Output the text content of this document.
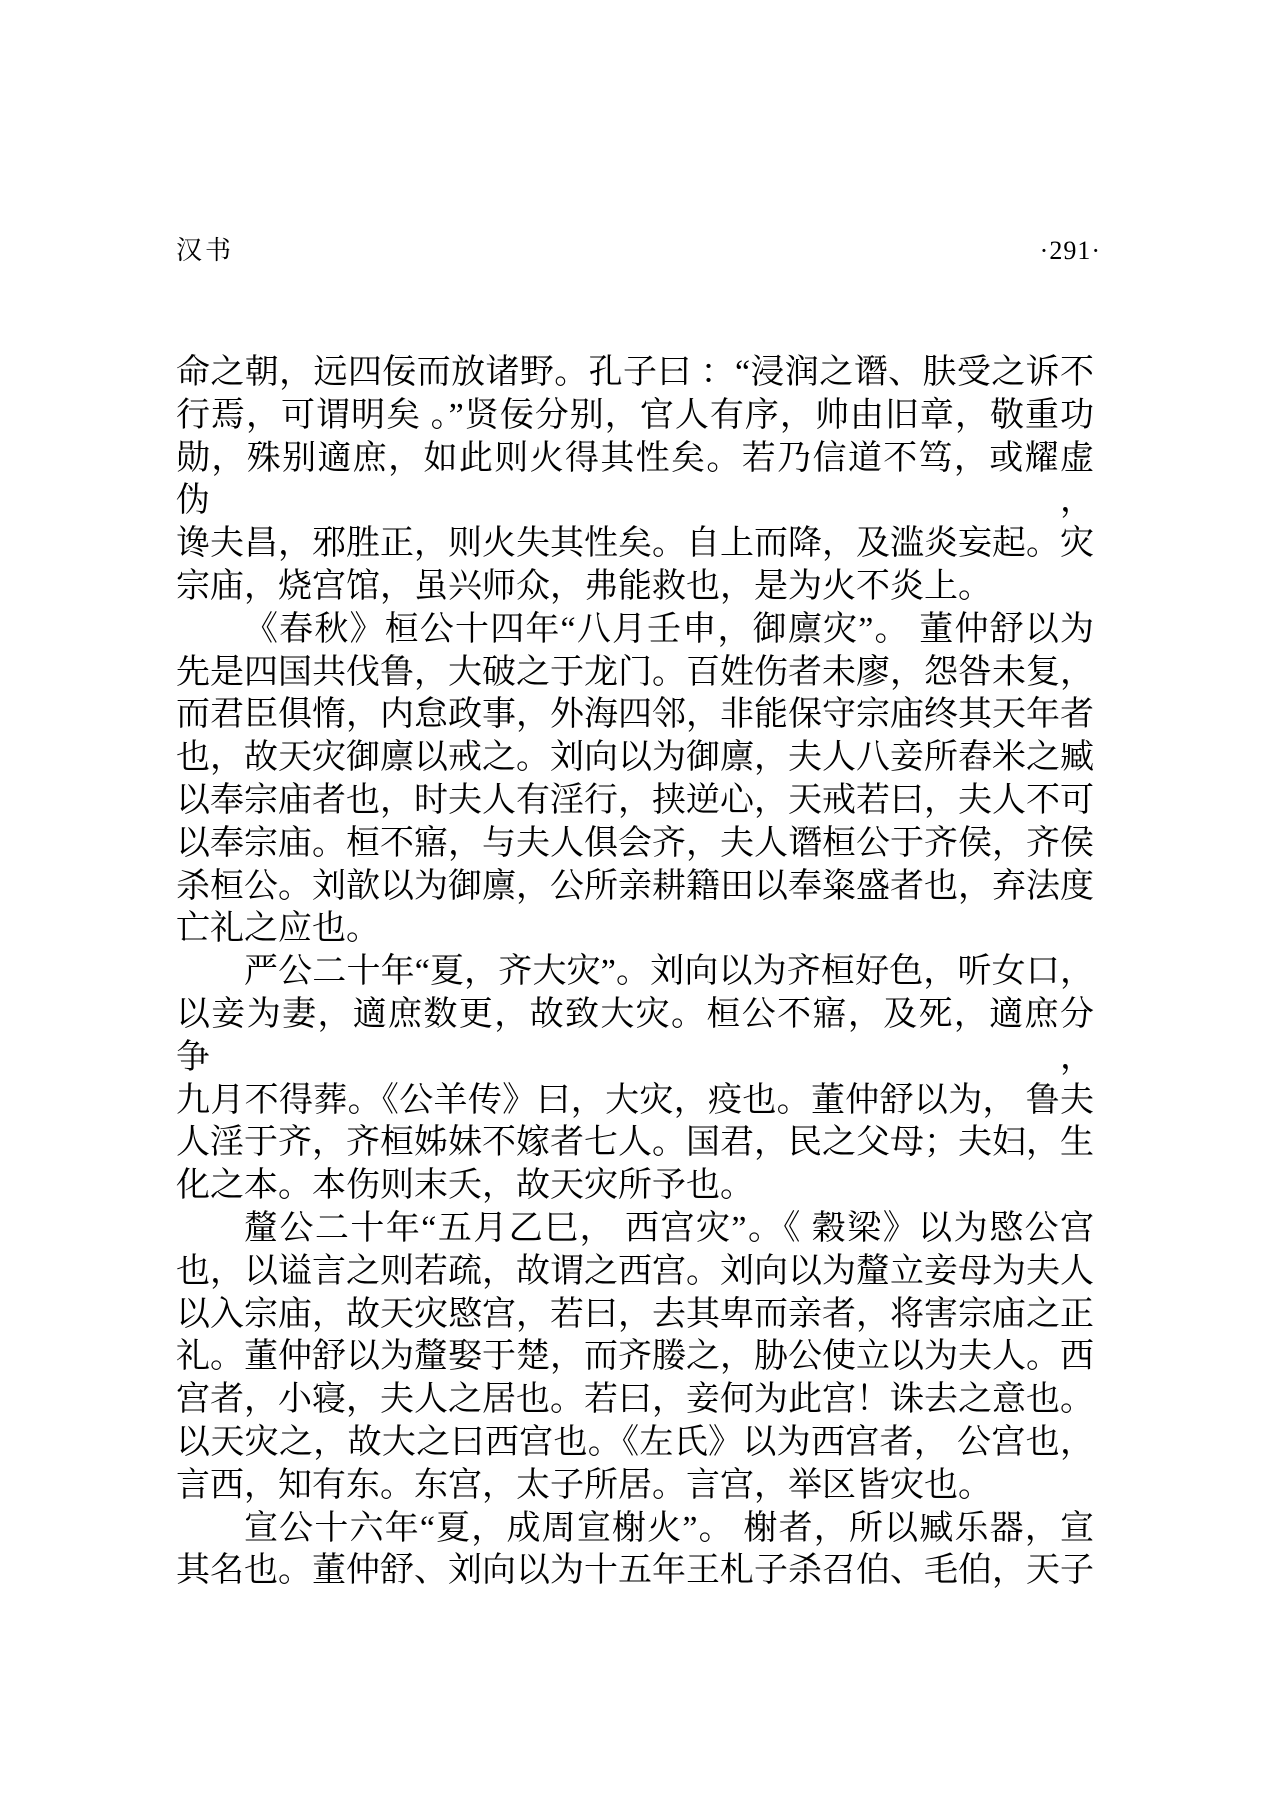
汉书	·291·
命之朝，远四佞而放诸野。孔子曰 ：“浸润之谮、肤受之诉不
行焉，可谓明矣 。”贤佞分别，官人有序，帅由旧章，敬重功
勋，殊别適庶，如此则火得其性矣。若乃信道不笃，或耀虚伪，
谗夫昌，邪胜正，则火失其性矣。自上而降，及滥炎妄起。灾
宗庙，烧宫馆，虽兴师众，弗能救也，是为火不炎上。
《春秋》桓公十四年“八月壬申，御廪灾”。 董仲舒以为
先是四国共伐鲁，大破之于龙门。百姓伤者未廖，怨咎未复，
而君臣俱惰，内怠政事，外海四邻，非能保守宗庙终其天年者
也，故天灾御廪以戒之。刘向以为御廪，夫人八妾所舂米之臧
以奉宗庙者也，时夫人有淫行，挟逆心，天戒若曰，夫人不可
以奉宗庙。桓不寤，与夫人俱会齐，夫人谮桓公于齐侯，齐侯
杀桓公。刘歆以为御廪，公所亲耕籍田以奉粢盛者也，弃法度
亡礼之应也。
严公二十年“夏，齐大灾”。刘向以为齐桓好色，听女口，
以妾为妻，適庶数更，故致大灾。桓公不寤，及死，適庶分争，
九月不得葬。《公羊传》曰，大灾，疫也。董仲舒以为， 鲁夫
人淫于齐，齐桓姊妹不嫁者七人。国君，民之父母；夫妇，生
化之本。本伤则末夭，故天灾所予也。
釐公二十年“五月乙巳， 西宫灾”。《 穀梁》以为愍公宫
也，以谥言之则若疏，故谓之西宫。刘向以为釐立妾母为夫人
以入宗庙，故天灾愍宫，若曰，去其卑而亲者，将害宗庙之正
礼。董仲舒以为釐娶于楚，而齐媵之，胁公使立以为夫人。西
宫者，小寝，夫人之居也。若曰，妾何为此宫！诛去之意也。
以天灾之，故大之曰西宫也。《左氏》以为西宫者， 公宫也，
言西，知有东。东宫，太子所居。言宫，举区皆灾也。
宣公十六年“夏，成周宣榭火”。 榭者，所以臧乐器，宣
其名也。董仲舒、刘向以为十五年王札子杀召伯、毛伯，天子
